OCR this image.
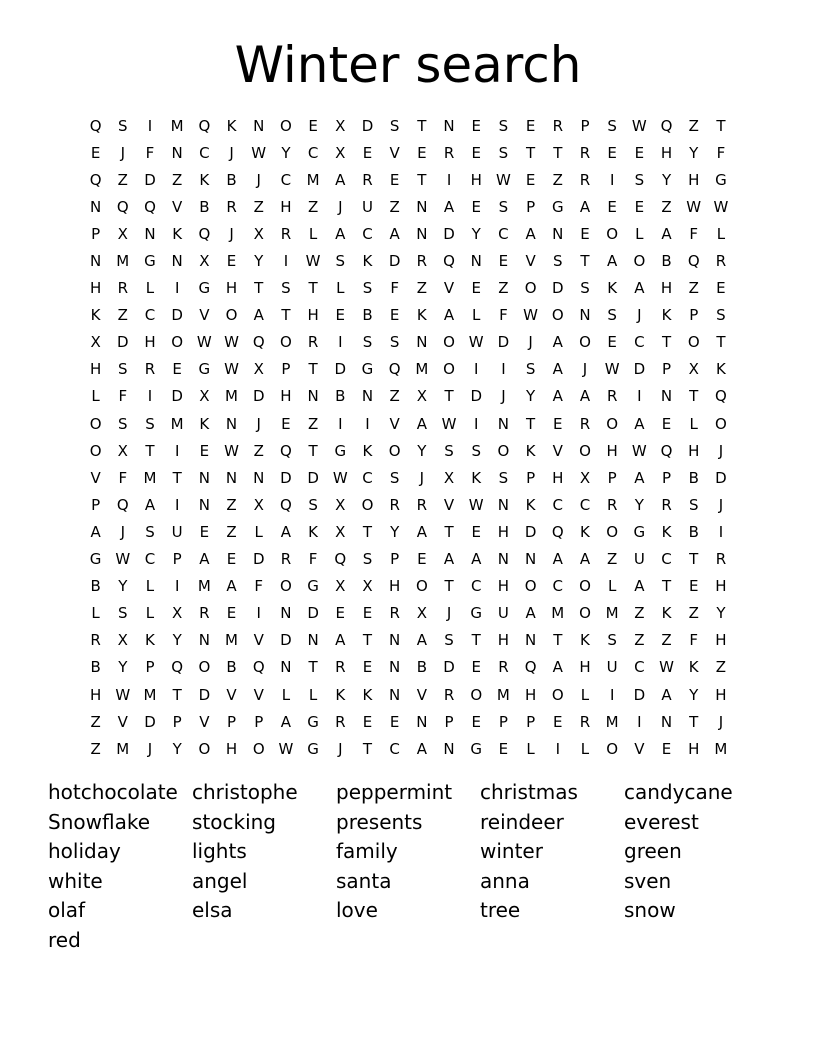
Winter search
Q	S	I	M Q	K	N	O	E	X	D	S	T	N	E	S	E	R	P	S	W Q	Z	T
E	J	F	N	C	J	W	Y	C	X	E	V	E	R	E	S	T	T	R	E	E	H	Y	F
Q	Z	D	Z	K	B	J	C	M	A	R	E	T	I	H W	E	Z	R	I	S	Y	H	G
N	Q	Q	V	B	R	Z	H	Z	J	U	Z	N	A	E	S	P	G	A	E	E	Z W W
P	X	N	K	Q	J	X	R	L	A	C	A	N	D	Y	C	A	N	E	O	L	A	F	L
N	M G	N	X	E	Y	I	W	S	K	D	R	Q	N	E	V	S	T	A	O	B	Q	R
H	R	L	I	G	H	T	S	T	L	S	F	Z	V	E	Z	O	D	S	K	A	H	Z	E
K	Z	C	D	V	O	A	T	H	E	B	E	K	A	L	F	W O	N	S	J	K	P	S
X	D	H	O W W Q	O	R	I	S	S	N	O W D	J	A	O	E	C	T	O	T
H	S	R	E	G W X	P	T	D	G	Q M O	I	I	S	A	J	W D	P	X	K
L	F	I	D	X	M D	H	N	B	N	Z	X	T	D	J	Y	A	A	R	I	N	T	Q
O	S	S	M	K	N	J	E	Z	I	I	V	A W	I	N	T	E	R	O	A	E	L	O
O	X	T	I	E	W Z	Q	T	G	K	O	Y	S	S	O	K	V	O	H W Q	H	J
V	F	M	T	N	N	N	D	D W C	S	J	X	K	S	P	H	X	P	A	P	B	D
P	Q	A	I	N	Z	X	Q	S	X	O	R	R	V W N	K	C	C	R	Y	R	S	J
A	J	S	U	E	Z	L	A	K	X	T	Y	A	T	E	H	D	Q	K	O	G	K	B	I
G W C	P	A	E	D	R	F	Q	S	P	E	A	A	N	N	A	A	Z	U	C	T	R
B	Y	L	I	M	A	F	O	G	X	X	H	O	T	C	H	O	C	O	L	A	T	E	H
L	S	L	X	R	E	I	N	D	E	E	R	X	J	G	U	A	M O M	Z	K	Z	Y
R	X	K	Y	N	M	V	D	N	A	T	N	A	S	T	H	N	T	K	S	Z	Z	F	H
B	Y	P	Q	O	B	Q	N	T	R	E	N	B	D	E	R	Q	A	H	U	C W K	Z
H W M	T	D	V	V	L	L	K	K	N	V	R	O M	H	O	L	I	D	A	Y	H
Z	V	D	P	V	P	P	A	G	R	E	E	N	P	E	P	P	E	R	M	I	N	T	J
Z	M	J	Y	O	H	O W G	J	T	C	A	N	G	E	L	I	L	O	V	E	H	M
hotchocolate christophe	peppermint	christmas	candycane
Snowflake	stocking	presents	reindeer	everest
holiday	lights	family	winter	green
white	angel	santa	anna	sven
olaf	elsa	love	tree	snow
red
